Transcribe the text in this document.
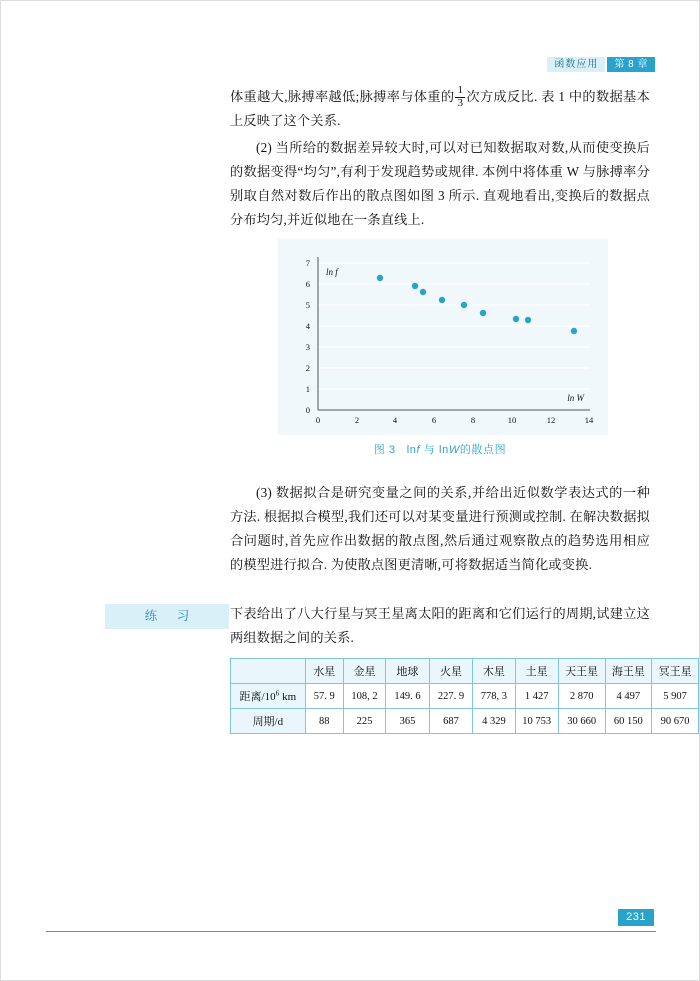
函数应用	第 8 章

体重越大,脉搏率越低;脉搏率与体重的 $\frac{1}{3}$ 次方成反比. 表 1 中的数据基本上反映了这个关系.

(2) 当所给的数据差异较大时,可以对已知数据取对数,从而使变换后的数据变得“均匀”,有利于发现趋势或规律. 本例中将体重 W 与脉搏率分别取自然对数后作出的散点图如图 3 所示. 直观地看出,变换后的数据点分布均匀,并近似地在一条直线上.

7
6
5
4
3
2
1
0
0	2	4	6	8	10	12	14
ln f
ln W
图 3 lnf 与 lnW的散点图

(3) 数据拟合是研究变量之间的关系,并给出近似数学表达式的一种方法. 根据拟合模型,我们还可以对某变量进行预测或控制. 在解决数据拟合问题时,首先应作出数据的散点图,然后通过观察散点的趋势选用相应的模型进行拟合. 为使散点图更清晰,可将数据适当简化或变换.

练 习	下表给出了八大行星与冥王星离太阳的距离和它们运行的周期,试建立这两组数据之间的关系.

	水星	金星	地球	火星	木星	土星	天王星	海王星	冥王星
距离$/10^6$ km	57. 9	108, 2	149. 6	227. 9	778, 3	1 427	2 870	4 497	5 907
周期/d	88	225	365	687	4 329	10 753	30 660	60 150	90 670
231
